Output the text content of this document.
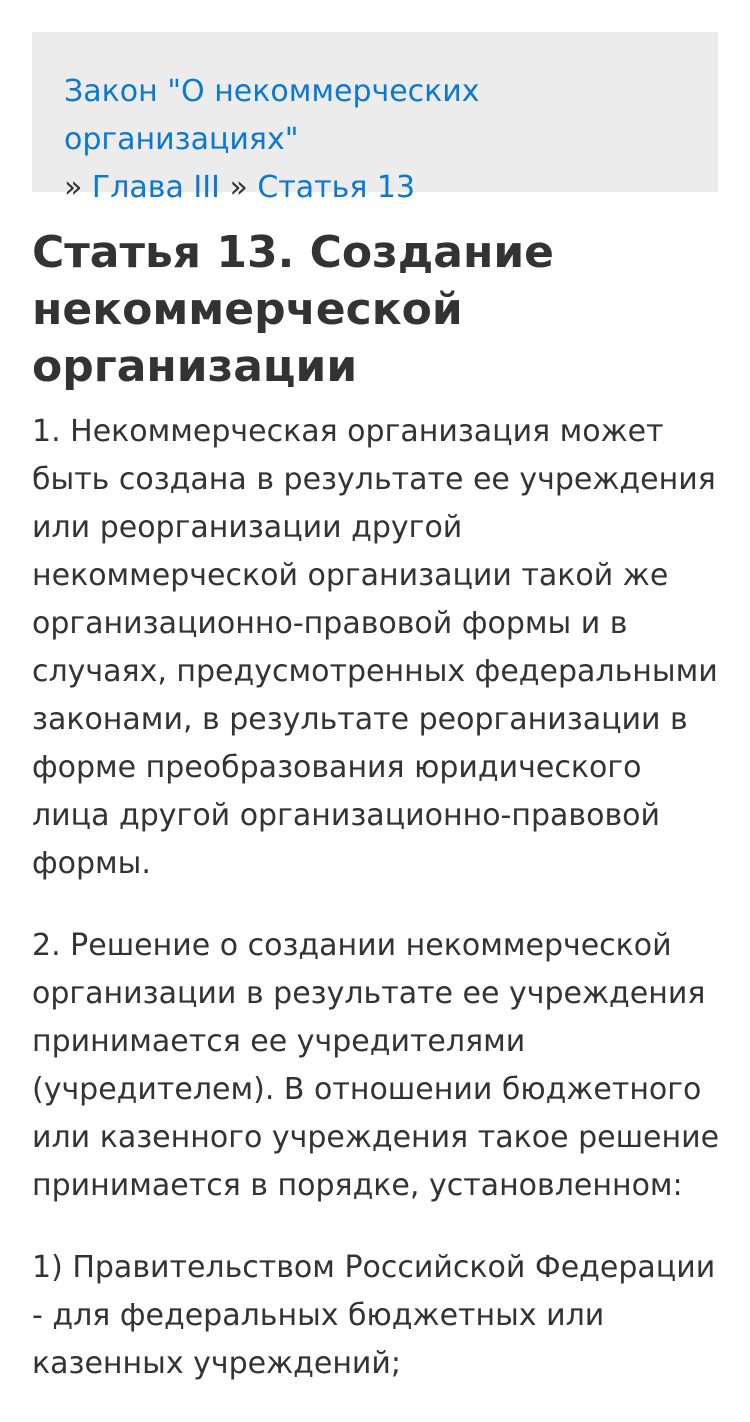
Закон "О некоммерческих организациях"
» Глава III » Статья 13
Статья 13. Создание некоммерческой организации

1. Некоммерческая организация может быть создана в результате ее учреждения или реорганизации другой некоммерческой организации такой же организационно-правовой формы и в случаях, предусмотренных федеральными законами, в результате реорганизации в форме преобразования юридического лица другой организационно-правовой формы.

2. Решение о создании некоммерческой организации в результате ее учреждения принимается ее учредителями (учредителем). В отношении бюджетного или казенного учреждения такое решение принимается в порядке, установленном:

1) Правительством Российской Федерации - для федеральных бюджетных или казенных учреждений;
